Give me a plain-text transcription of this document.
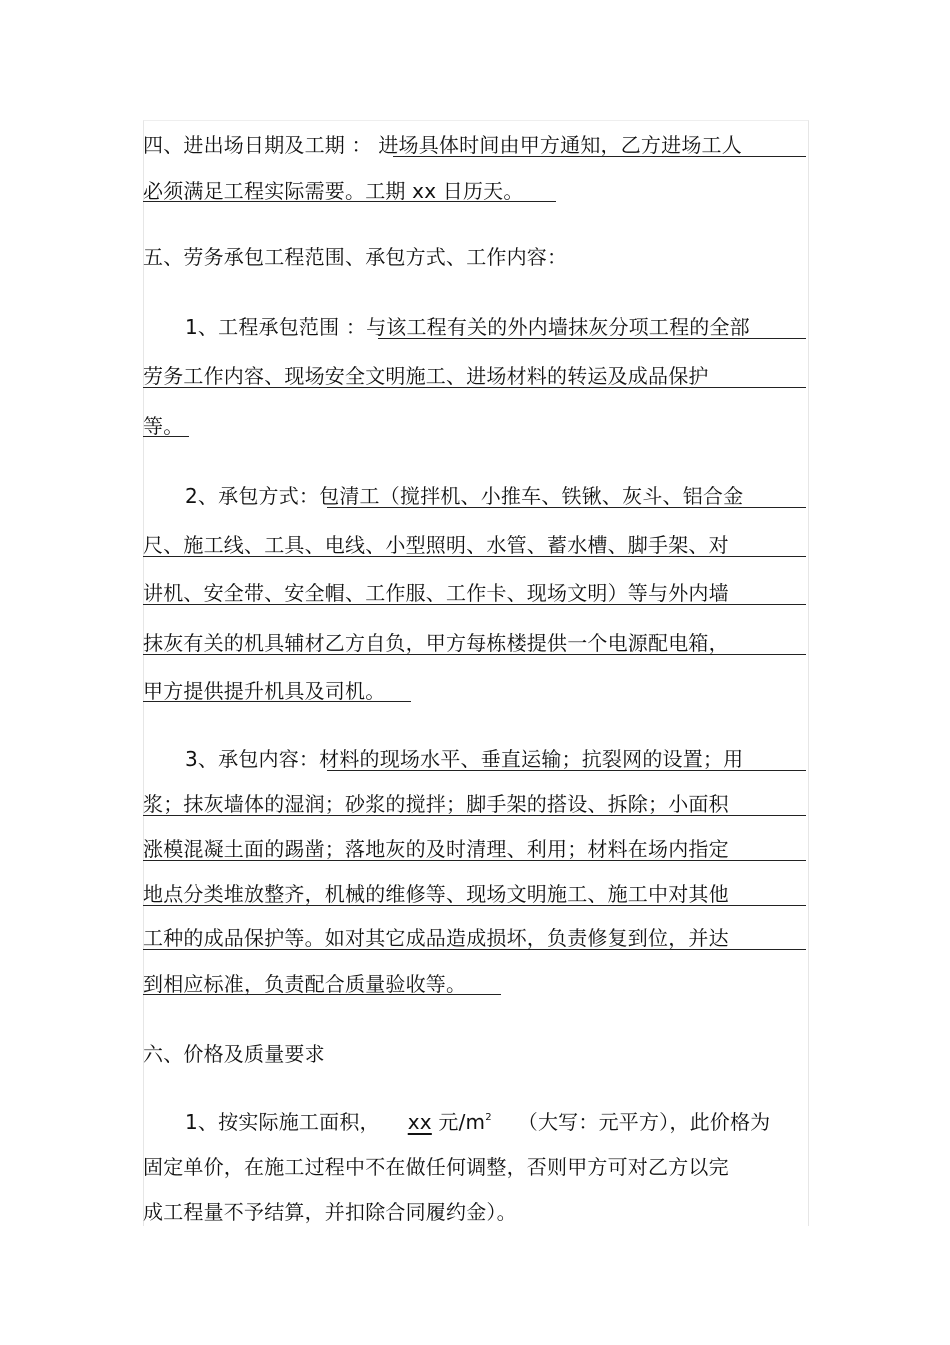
四、进出场日期及工期 ： 进场具体时间由甲方通知，乙方进场工人
必须满足工程实际需要。工期 xx 日历天。
五、劳务承包工程范围、承包方式、工作内容：
1、工程承包范围 ：与该工程有关的外内墙抹灰分项工程的全部
劳务工作内容、现场安全文明施工、进场材料的转运及成品保护
等。
2、承包方式：包清工（搅拌机、小推车、铁锹、灰斗、铝合金
尺、施工线、工具、电线、小型照明、水管、蓄水槽、脚手架、对
讲机、安全带、安全帽、工作服、工作卡、现场文明）等与外内墙
抹灰有关的机具辅材乙方自负，甲方每栋楼提供一个电源配电箱，
甲方提供提升机具及司机。
3、承包内容：材料的现场水平、垂直运输；抗裂网的设置；用
浆；抹灰墙体的湿润；砂浆的搅拌；脚手架的搭设、拆除；小面积
涨模混凝土面的踢凿；落地灰的及时清理、利用；材料在场内指定
地点分类堆放整齐，机械的维修等、现场文明施工、施工中对其他
工种的成品保护等。如对其它成品造成损坏，负责修复到位，并达
到相应标准，负责配合质量验收等。
六、价格及质量要求
1、按实际施工面积， xx 元$/m^2$ （大写：元平方），此价格为
固定单价，在施工过程中不在做任何调整，否则甲方可对乙方以完
成工程量不予结算，并扣除合同履约金）。
